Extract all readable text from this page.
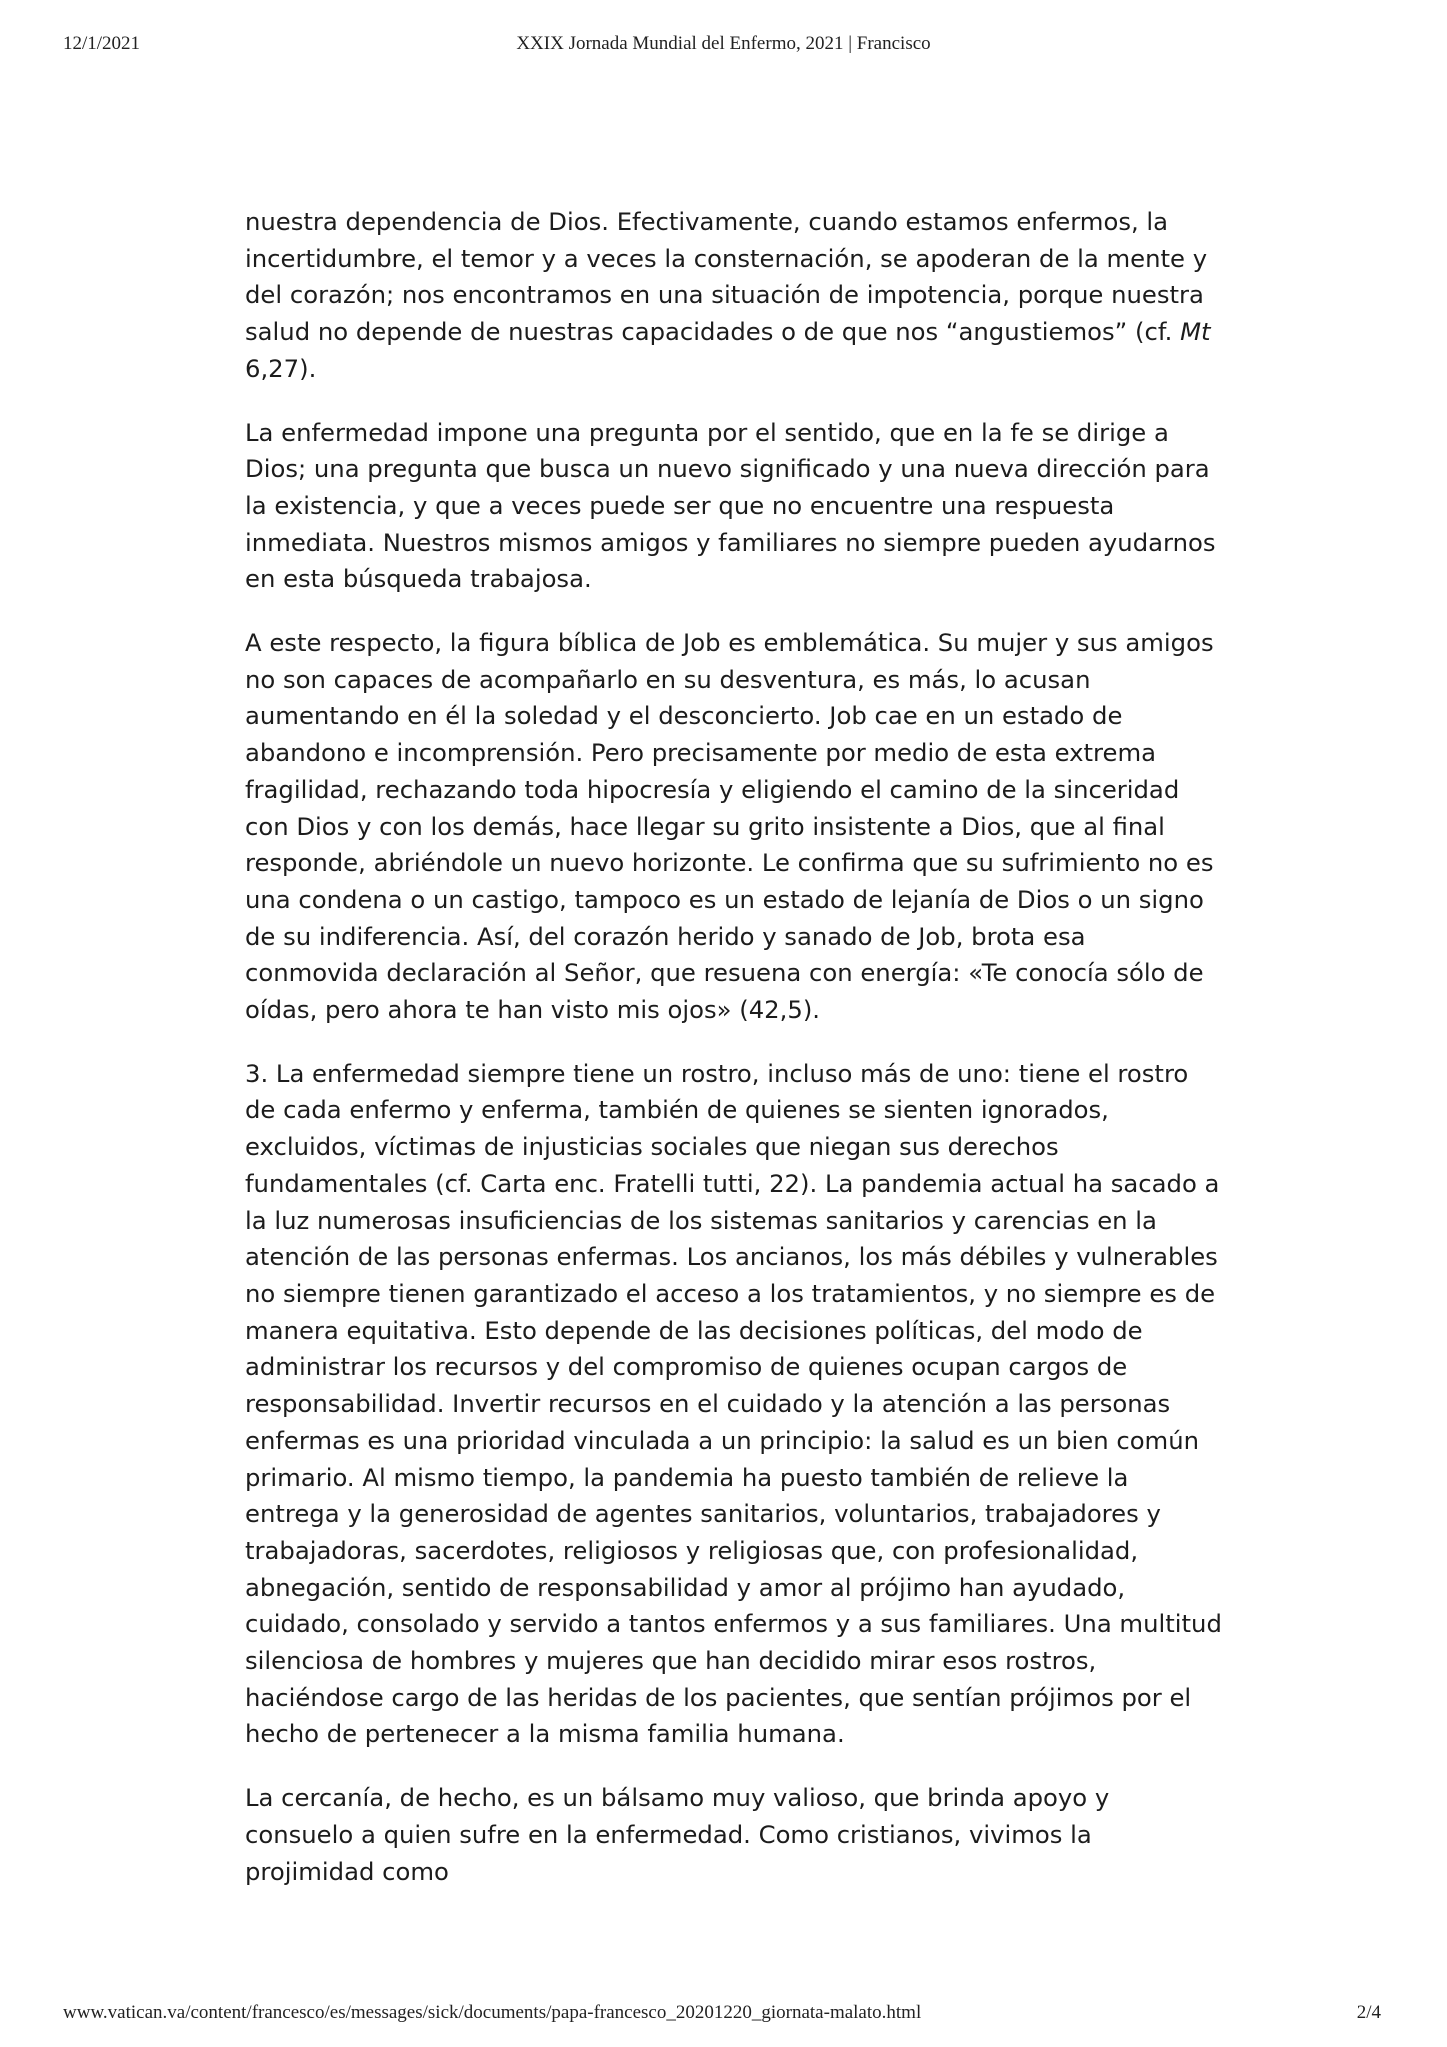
12/1/2021	XXIX Jornada Mundial del Enfermo, 2021 | Francisco

nuestra dependencia de Dios. Efectivamente, cuando estamos enfermos, la incertidumbre, el temor y a veces la consternación, se apoderan de la mente y del corazón; nos encontramos en una situación de impotencia, porque nuestra salud no depende de nuestras capacidades o de que nos “angustiemos” (cf. Mt 6,27).

La enfermedad impone una pregunta por el sentido, que en la fe se dirige a Dios; una pregunta que busca un nuevo significado y una nueva dirección para la existencia, y que a veces puede ser que no encuentre una respuesta inmediata. Nuestros mismos amigos y familiares no siempre pueden ayudarnos en esta búsqueda trabajosa.

A este respecto, la figura bíblica de Job es emblemática. Su mujer y sus amigos no son capaces de acompañarlo en su desventura, es más, lo acusan aumentando en él la soledad y el desconcierto. Job cae en un estado de abandono e incomprensión. Pero precisamente por medio de esta extrema fragilidad, rechazando toda hipocresía y eligiendo el camino de la sinceridad con Dios y con los demás, hace llegar su grito insistente a Dios, que al final responde, abriéndole un nuevo horizonte. Le confirma que su sufrimiento no es una condena o un castigo, tampoco es un estado de lejanía de Dios o un signo de su indiferencia. Así, del corazón herido y sanado de Job, brota esa conmovida declaración al Señor, que resuena con energía: «Te conocía sólo de oídas, pero ahora te han visto mis ojos» (42,5).

3. La enfermedad siempre tiene un rostro, incluso más de uno: tiene el rostro de cada enfermo y enferma, también de quienes se sienten ignorados, excluidos, víctimas de injusticias sociales que niegan sus derechos fundamentales (cf. Carta enc. Fratelli tutti, 22). La pandemia actual ha sacado a la luz numerosas insuficiencias de los sistemas sanitarios y carencias en la atención de las personas enfermas. Los ancianos, los más débiles y vulnerables no siempre tienen garantizado el acceso a los tratamientos, y no siempre es de manera equitativa. Esto depende de las decisiones políticas, del modo de administrar los recursos y del compromiso de quienes ocupan cargos de responsabilidad. Invertir recursos en el cuidado y la atención a las personas enfermas es una prioridad vinculada a un principio: la salud es un bien común primario. Al mismo tiempo, la pandemia ha puesto también de relieve la entrega y la generosidad de agentes sanitarios, voluntarios, trabajadores y trabajadoras, sacerdotes, religiosos y religiosas que, con profesionalidad, abnegación, sentido de responsabilidad y amor al prójimo han ayudado, cuidado, consolado y servido a tantos enfermos y a sus familiares. Una multitud silenciosa de hombres y mujeres que han decidido mirar esos rostros, haciéndose cargo de las heridas de los pacientes, que sentían prójimos por el hecho de pertenecer a la misma familia humana.

La cercanía, de hecho, es un bálsamo muy valioso, que brinda apoyo y consuelo a quien sufre en la enfermedad. Como cristianos, vivimos la projimidad como

www.vatican.va/content/francesco/es/messages/sick/documents/papa-francesco_20201220_giornata-malato.html	2/4
